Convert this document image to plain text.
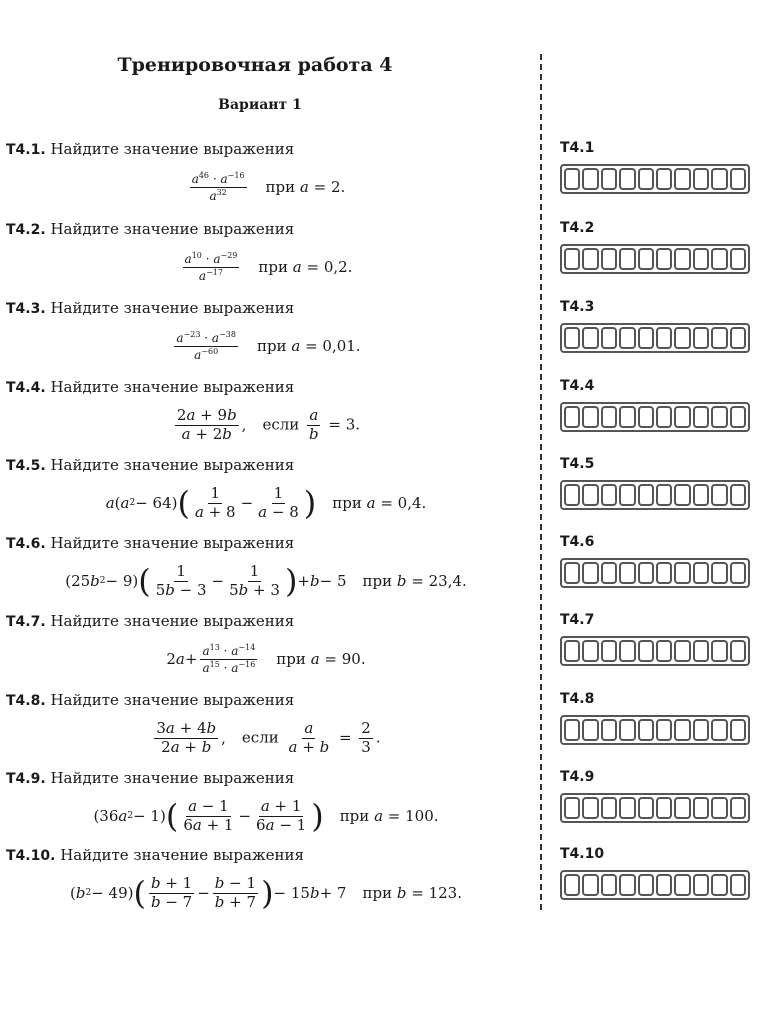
Тренировочная работа 4
Вариант 1
Т4.1. Найдите значение выражения
$\frac{a^{46} \cdot a^{-16}}{a^{32}}$ при a = 2.
Т4.1
Т4.2. Найдите значение выражения
$\frac{a^{10} \cdot a^{-29}}{a^{-17}}$ при a = 0,2.
Т4.2
Т4.3. Найдите значение выражения
$\frac{a^{-23} \cdot a^{-38}}{a^{-60}}$ при a = 0,01.
Т4.3
Т4.4. Найдите значение выражения
$\frac{2a + 9b}{a + 2b}$ , если $\frac{a}{b} = 3$.
Т4.4
Т4.5. Найдите значение выражения
a ( a 2 − 64) ( $\frac{1}{a + 8} - \frac{1}{a - 8}$ ) при a = 0,4.
Т4.5
Т4.6. Найдите значение выражения
(25 b 2 − 9) ( $\frac{1}{5b - 3} - \frac{1}{5b + 3}$ ) + b − 5 при b = 23,4.
Т4.6
Т4.7. Найдите значение выражения
2 $a + \frac{a^{13} \cdot a^{-14}}{a^{15} \cdot a^{-16}}$ при a = 90.
Т4.7
Т4.8. Найдите значение выражения
$\frac{3a + 4b}{2a + b}$ , если $\frac{a}{a + b} = \frac{2}{3}$ .
Т4.8
Т4.9. Найдите значение выражения
(36 a 2 − 1) ( $\frac{a - 1}{6a + 1} - \frac{a + 1}{6a - 1}$ ) при a = 100.
Т4.9
Т4.10. Найдите значение выражения
( b 2 − 49) ( $\frac{b + 1}{b - 7} - \frac{b - 1}{b + 7}$ ) − 15 b + 7 при b = 123.
Т4.10
